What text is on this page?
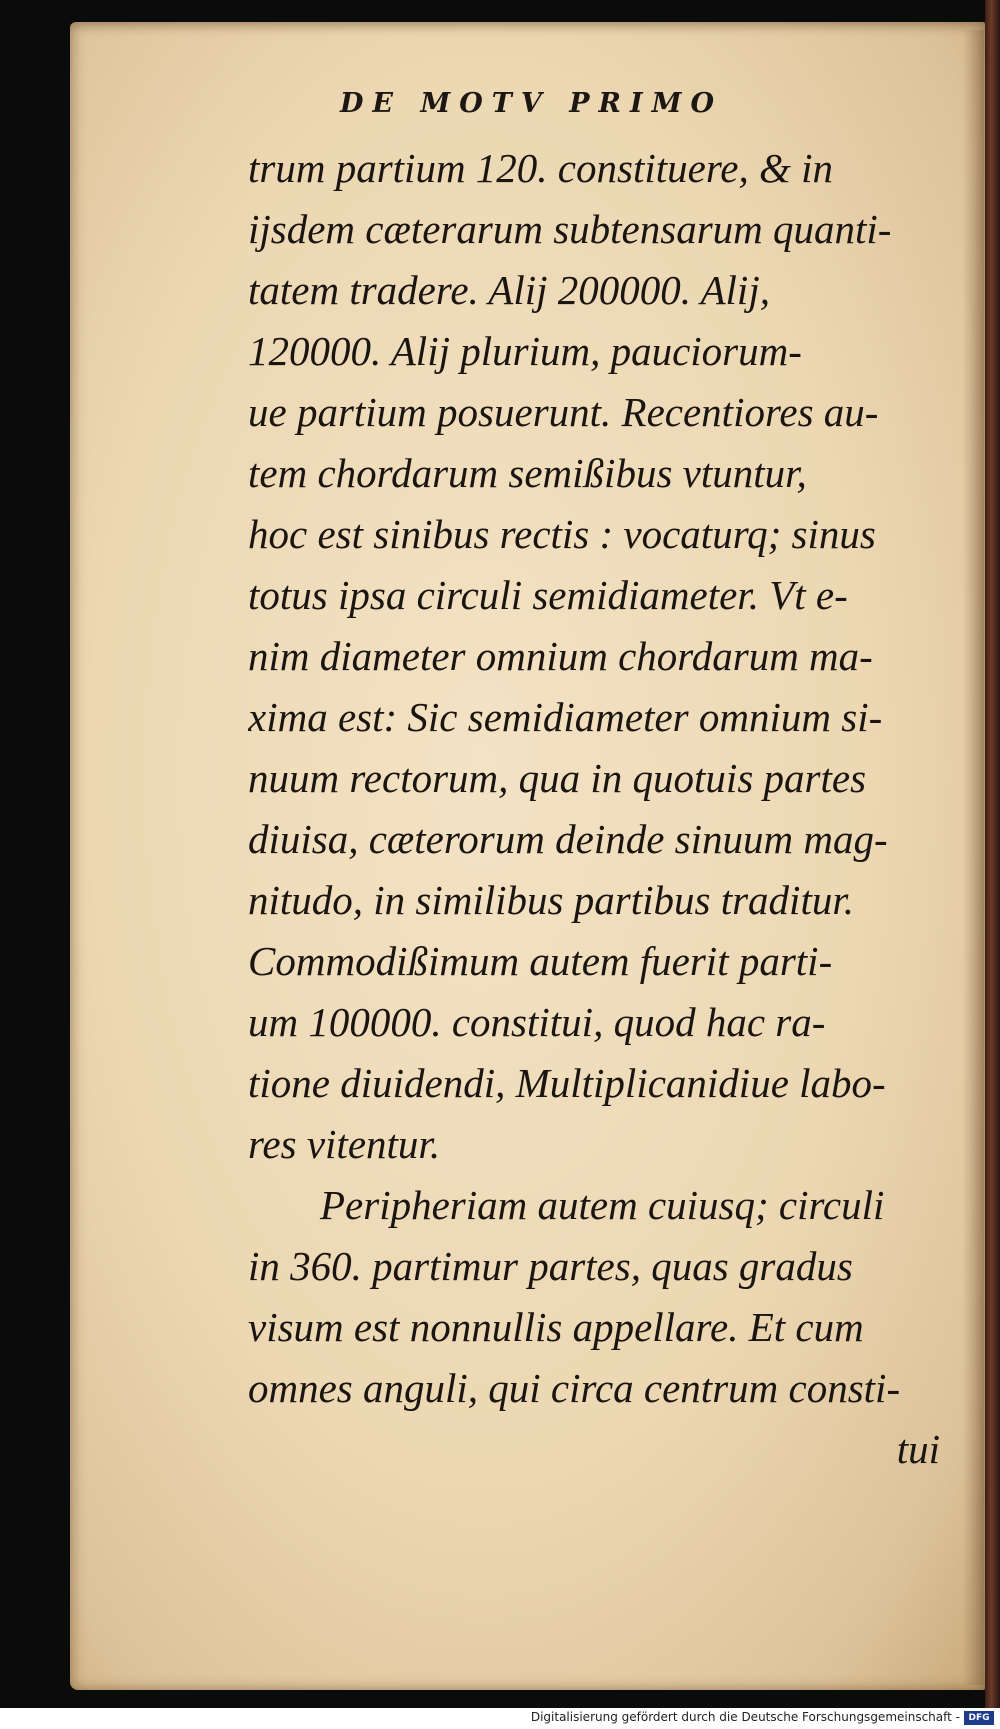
DE MOTV PRIMO
trum partium 120. constituere, & in
ijsdem cæterarum subtensarum quanti-
tatem tradere. Alij 200000. Alij,
120000. Alij plurium, pauciorum-
ue partium posuerunt. Recentiores au-
tem chordarum semißibus vtuntur,
hoc est sinibus rectis : vocaturq; sinus
totus ipsa circuli semidiameter. Vt e-
nim diameter omnium chordarum ma-
xima est: Sic semidiameter omnium si-
nuum rectorum, qua in quotuis partes
diuisa, cæterorum deinde sinuum mag-
nitudo, in similibus partibus traditur.
Commodißimum autem fuerit parti-
um 100000. constitui, quod hac ra-
tione diuidendi, Multiplicanidiue labo-
res vitentur.
Peripheriam autem cuiusq; circuli
in 360. partimur partes, quas gradus
visum est nonnullis appellare. Et cum
omnes anguli, qui circa centrum consti-
tui
Digitalisierung gefördert durch die Deutsche Forschungsgemeinschaft - DFG
